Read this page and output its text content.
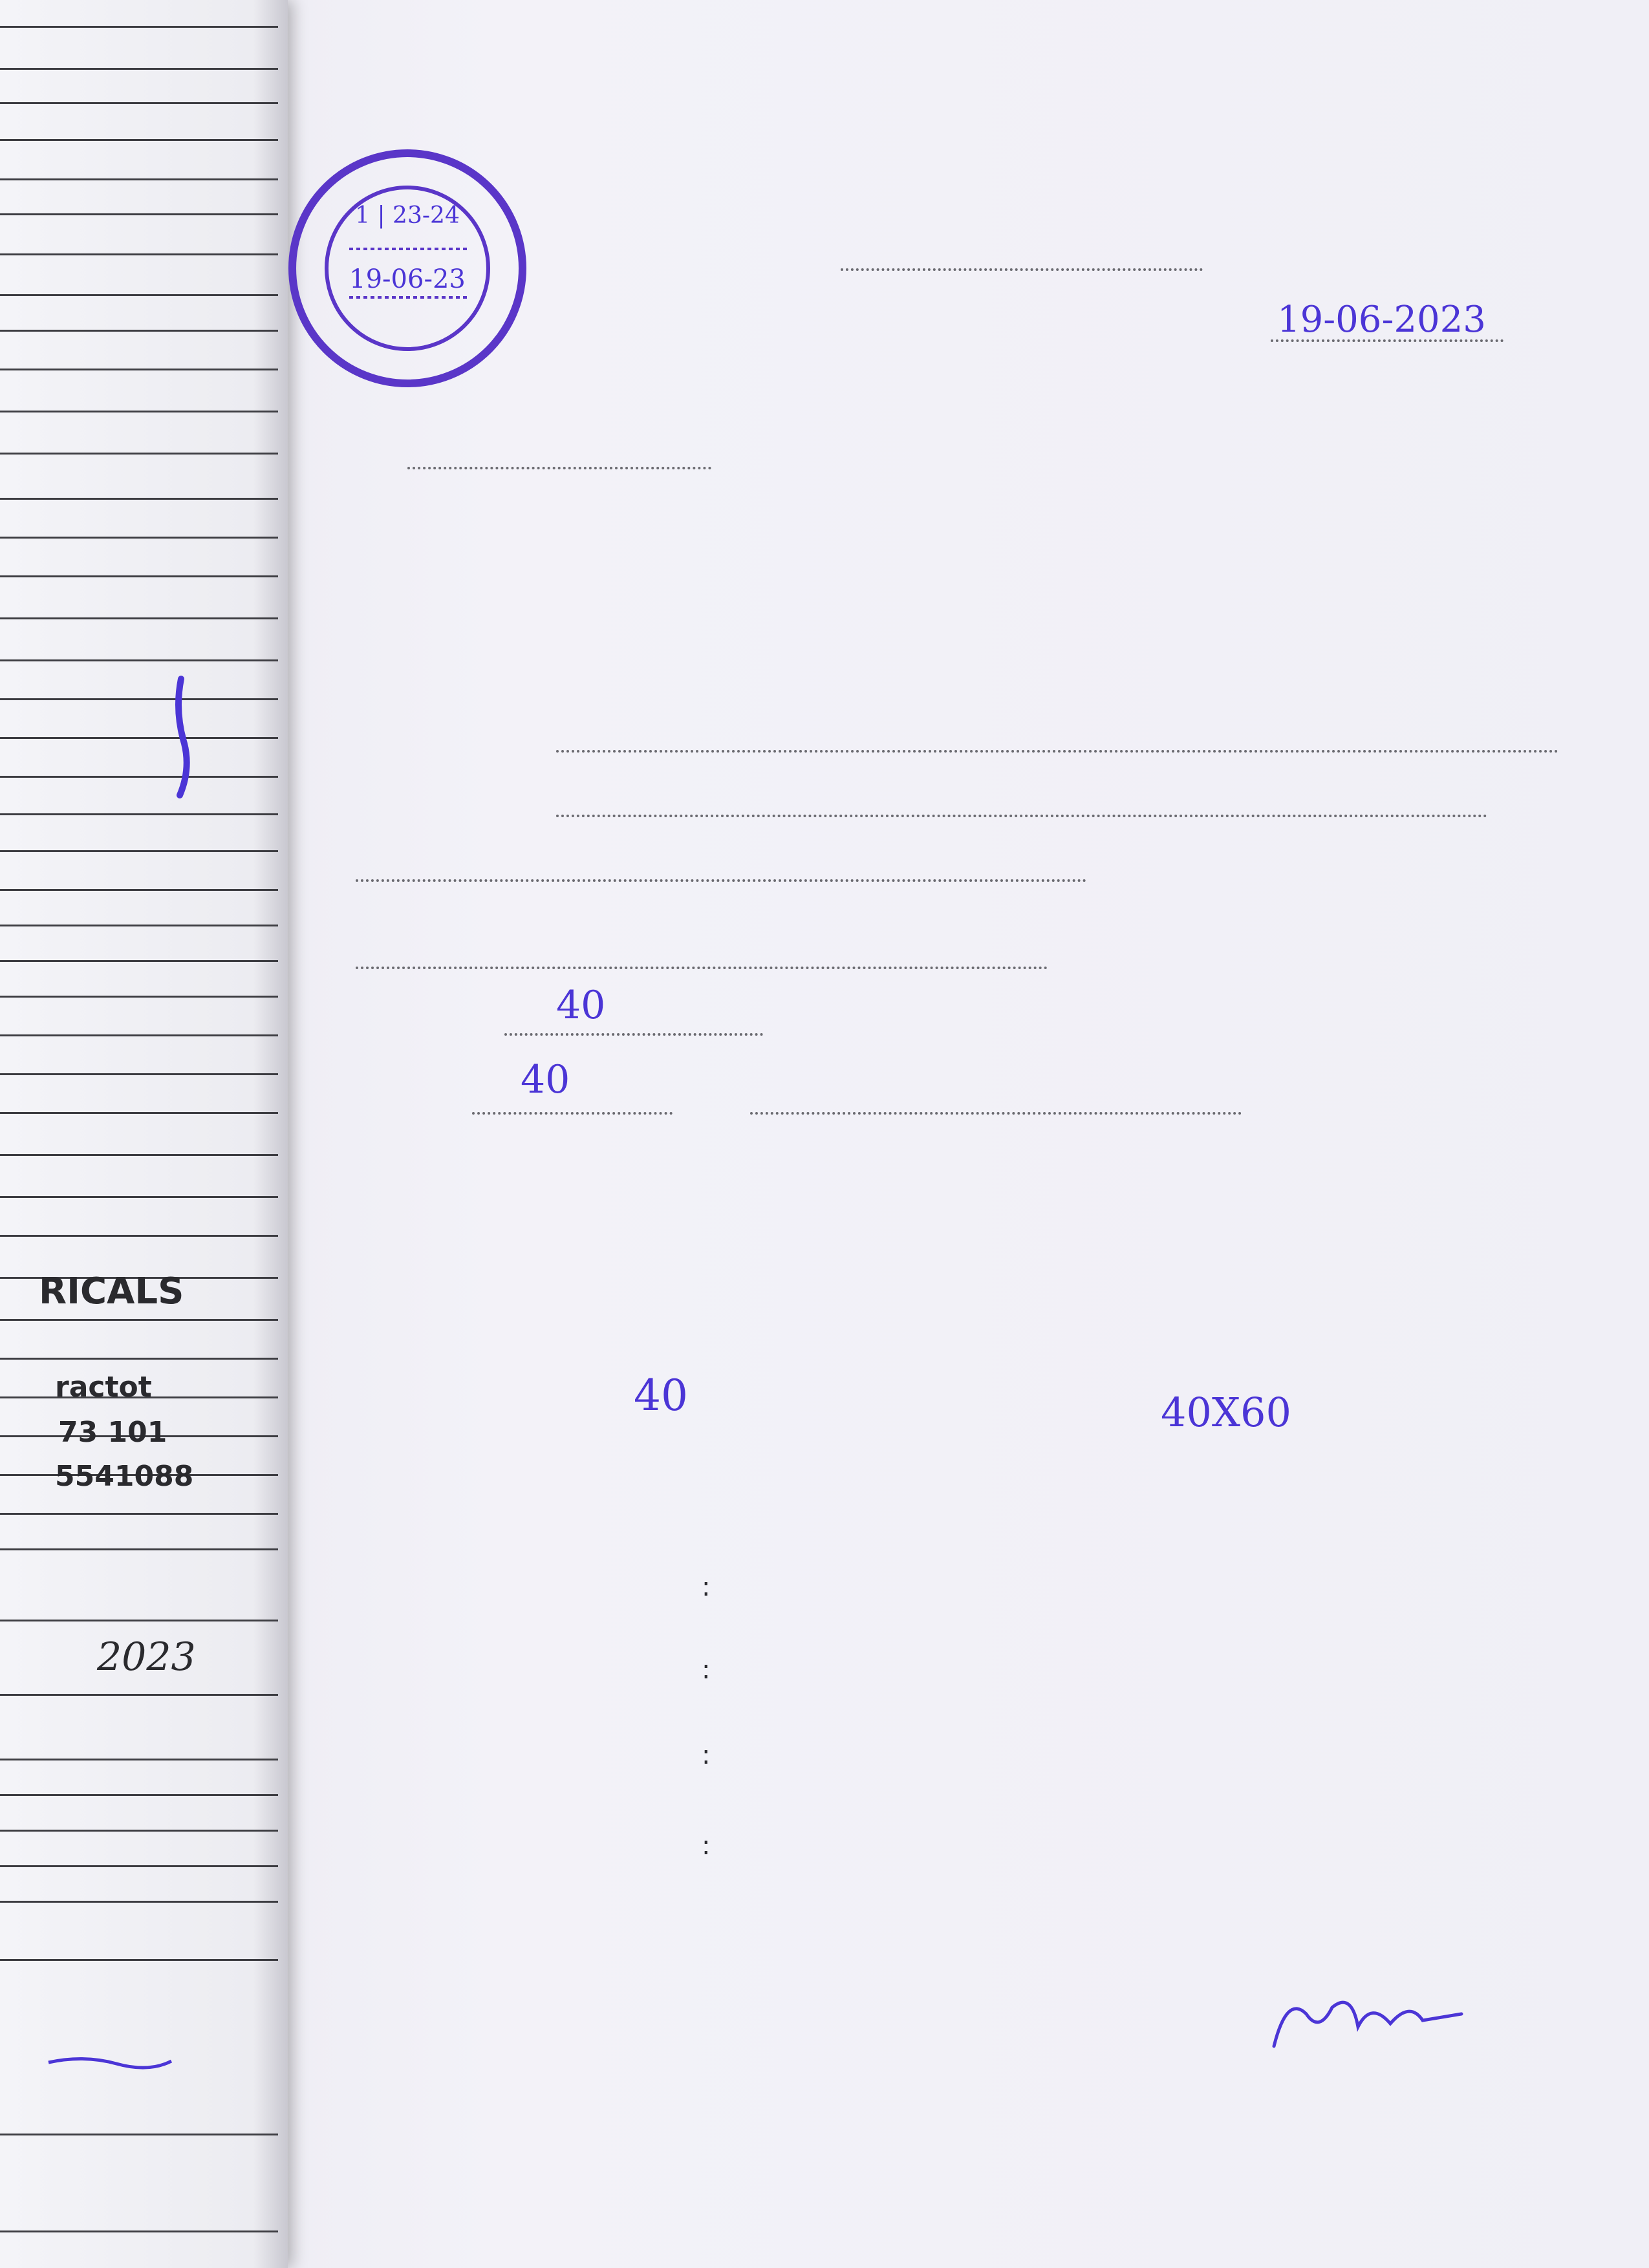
RICALS
ractot
73 101
5541088
2023
1 | 23-24
19-06-23
19-06-2023
40
40
40	40X60
:
:
:
:
